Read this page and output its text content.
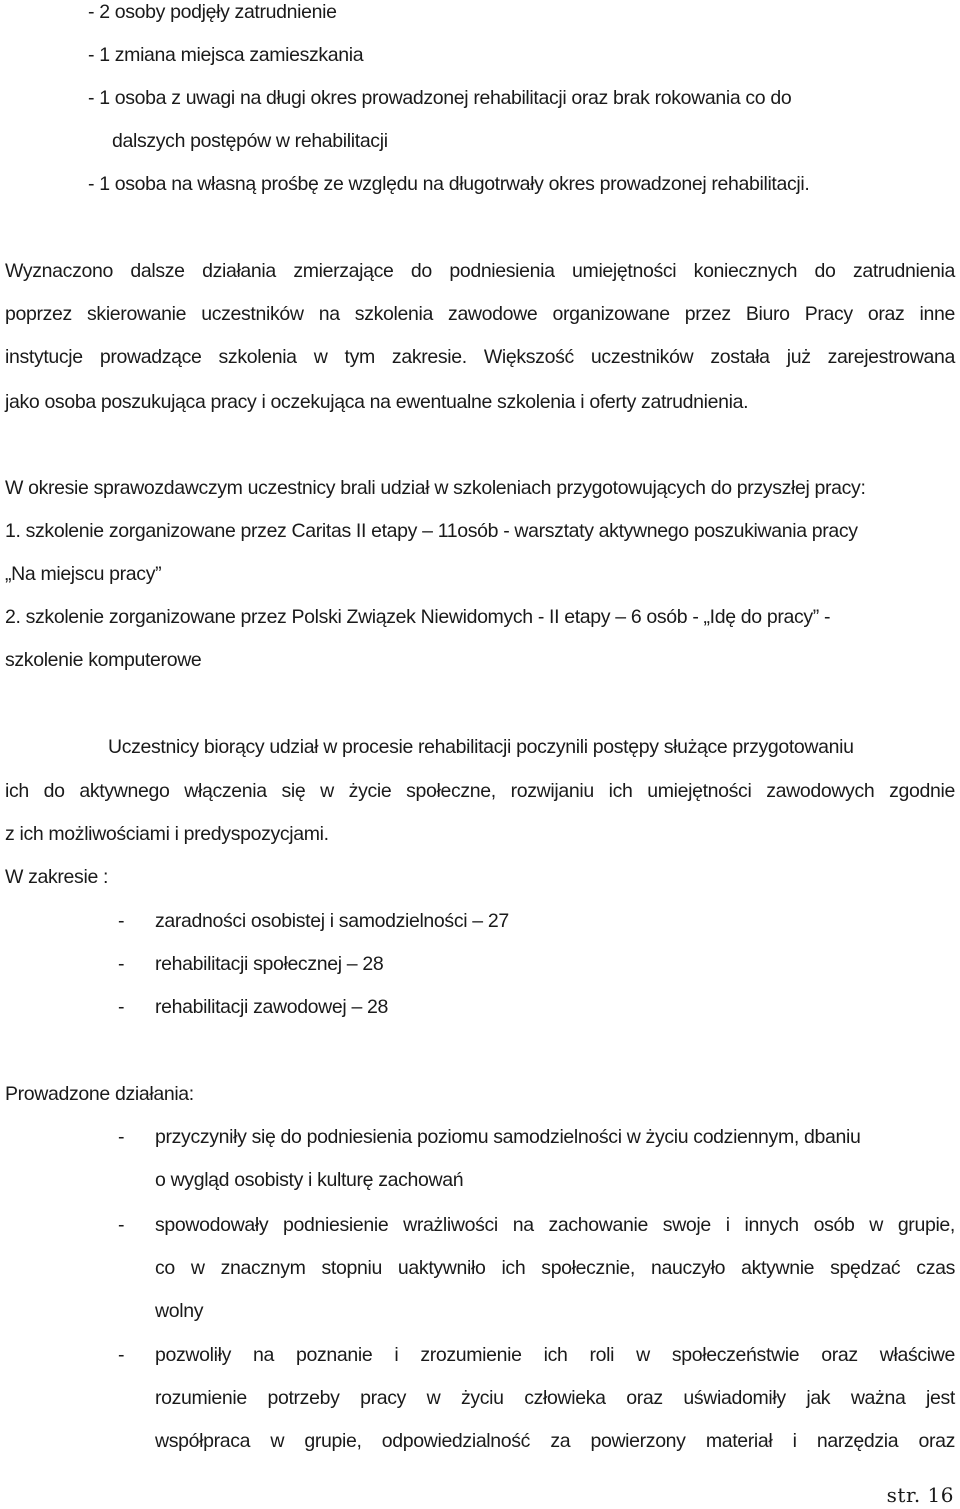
- 2 osoby podjęły zatrudnienie
- 1 zmiana miejsca zamieszkania
- 1 osoba z uwagi na długi okres prowadzonej rehabilitacji oraz brak rokowania co do
dalszych postępów w rehabilitacji
- 1 osoba na własną prośbę ze względu na długotrwały okres prowadzonej rehabilitacji.
Wyznaczono dalsze działania zmierzające do podniesienia umiejętności koniecznych do zatrudnienia
poprzez skierowanie uczestników na szkolenia zawodowe organizowane przez Biuro Pracy oraz inne
instytucje prowadzące szkolenia w tym zakresie. Większość uczestników została już zarejestrowana
jako osoba poszukująca pracy i oczekująca na ewentualne szkolenia i oferty zatrudnienia.
W okresie sprawozdawczym uczestnicy brali udział w szkoleniach przygotowujących do przyszłej pracy:
1. szkolenie zorganizowane przez Caritas II etapy – 11osób - warsztaty aktywnego poszukiwania pracy
„Na miejscu pracy”
2. szkolenie zorganizowane przez Polski Związek Niewidomych - II etapy – 6 osób - „Idę do pracy” -
szkolenie komputerowe
Uczestnicy biorący udział w procesie rehabilitacji poczynili postępy służące przygotowaniu
ich do aktywnego włączenia się w życie społeczne, rozwijaniu ich umiejętności zawodowych zgodnie
z ich możliwościami i predyspozycjami.
W zakresie :
- zaradności osobistej i samodzielności – 27
- rehabilitacji społecznej – 28
- rehabilitacji zawodowej – 28
Prowadzone działania:
- przyczyniły się do podniesienia poziomu samodzielności w życiu codziennym, dbaniu
o wygląd osobisty i kulturę zachowań
- spowodowały podniesienie wrażliwości na zachowanie swoje i innych osób w grupie,
co w znacznym stopniu uaktywniło ich społecznie, nauczyło aktywnie spędzać czas
wolny
- pozwoliły na poznanie i zrozumienie ich roli w społeczeństwie oraz właściwe
rozumienie potrzeby pracy w życiu człowieka oraz uświadomiły jak ważna jest
współpraca w grupie, odpowiedzialność za powierzony materiał i narzędzia oraz
str. 16
